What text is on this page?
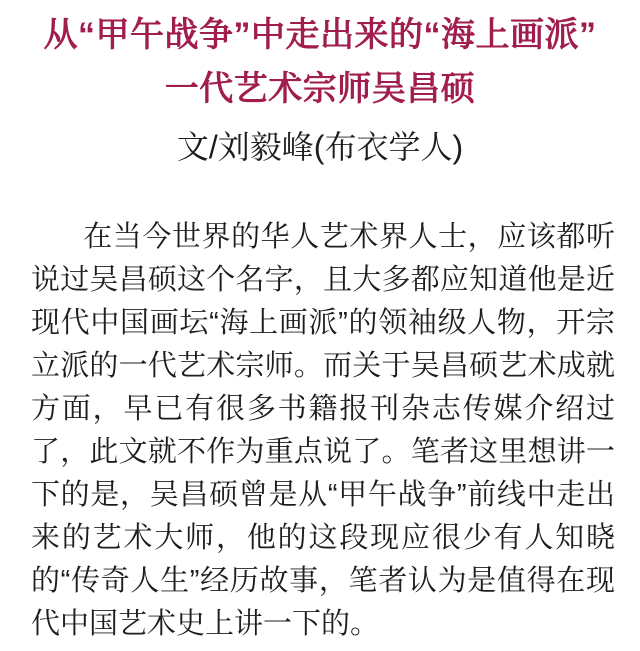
从“甲午战争”中走出来的“海上画派”
一代艺术宗师吴昌硕
文/刘毅峰(布衣学人)

在当今世界的华人艺术界人士，应该都听说过吴昌硕这个名字，且大多都应知道他是近现代中国画坛“海上画派”的领袖级人物，开宗立派的一代艺术宗师。而关于吴昌硕艺术成就方面，早已有很多书籍报刊杂志传媒介绍过了，此文就不作为重点说了。笔者这里想讲一下的是，吴昌硕曾是从“甲午战争”前线中走出来的艺术大师，他的这段现应很少有人知晓的“传奇人生”经历故事，笔者认为是值得在现代中国艺术史上讲一下的。
